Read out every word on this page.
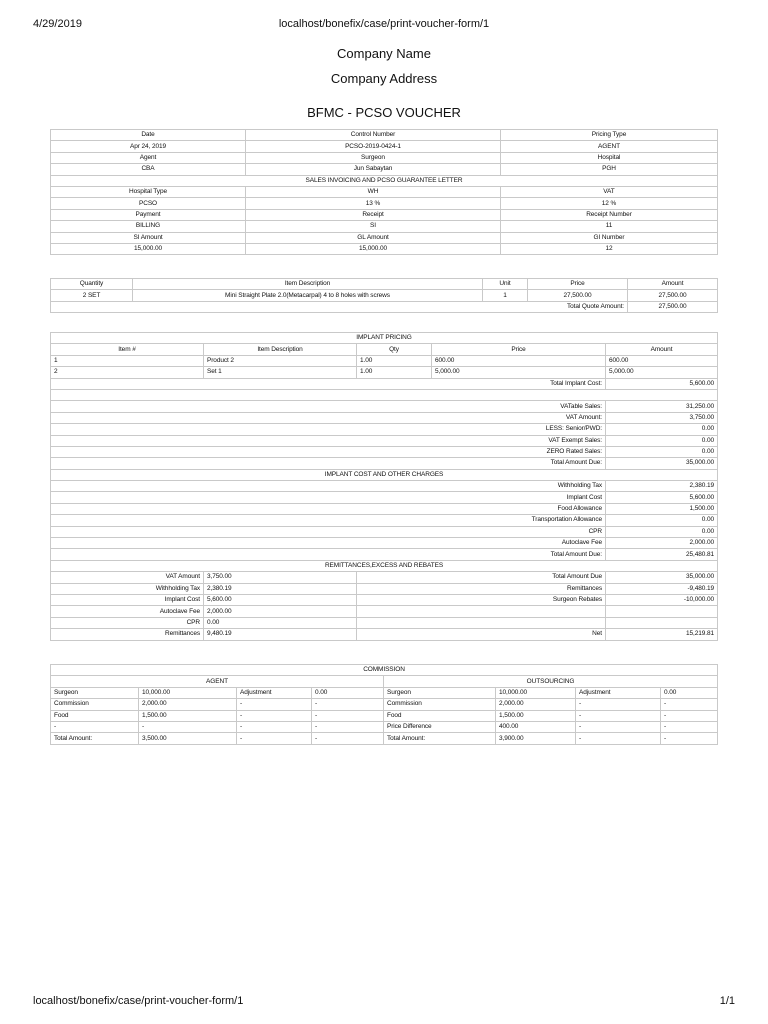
4/29/2019	localhost/bonefix/case/print-voucher-form/1
Company Name
Company Address
BFMC - PCSO VOUCHER
Date	Control Number	Pricing Type
Apr 24, 2019	PCSO-2019-0424-1	AGENT
Agent	Surgeon	Hospital
CBA	Jun Sabaytan	PGH
SALES INVOICING AND PCSO GUARANTEE LETTER		
Hospital Type	WH	VAT
PCSO	13 %	12 %
Payment	Receipt	Receipt Number
BILLING	SI	11
SI Amount	GL Amount	GI Number
15,000.00	15,000.00	12
Quantity	Item Description	Unit	Price	Amount
2 SET	Mini Straight Plate 2.0(Metacarpal) 4 to 8 holes with screws	1	27,500.00	27,500.00
Total Quote Amount:				27,500.00
IMPLANT PRICING				
Item #	Item Description	Qty	Price	Amount
1	Product 2	1.00	600.00	600.00
2	Set 1	1.00	5,000.00	5,000.00
Total Implant Cost:				5,600.00

VATable Sales:				31,250.00
VAT Amount:				3,750.00
LESS: Senior/PWD:				0.00
VAT Exempt Sales:				0.00
ZERO Rated Sales:				0.00
Total Amount Due:				35,000.00
IMPLANT COST AND OTHER CHARGES				
Withholding Tax				2,380.19
Implant Cost				5,600.00
Food Allowance				1,500.00
Transportation Allowance				0.00
CPR				0.00
Autoclave Fee				2,000.00
Total Amount Due:				25,480.81
REMITTANCES,EXCESS AND REBATES				
VAT Amount	3,750.00	Total Amount Due		35,000.00
Withholding Tax	2,380.19	Remittances		-9,480.19
Implant Cost	5,600.00	Surgeon Rebates		-10,000.00
Autoclave Fee	2,000.00			
CPR	0.00			
Remittances	9,480.19	Net		15,219.81
COMMISSION							
AGENT				OUTSOURCING			
Surgeon	10,000.00	Adjustment	0.00	Surgeon	10,000.00	Adjustment	0.00
Commission	2,000.00	-	-	Commission	2,000.00	-	-
Food	1,500.00	-	-	Food	1,500.00	-	-
-	-	-	-	Price Difference	400.00	-	-
Total Amount:	3,500.00	-	-	Total Amount:	3,900.00	-	-
localhost/bonefix/case/print-voucher-form/1	1/1
